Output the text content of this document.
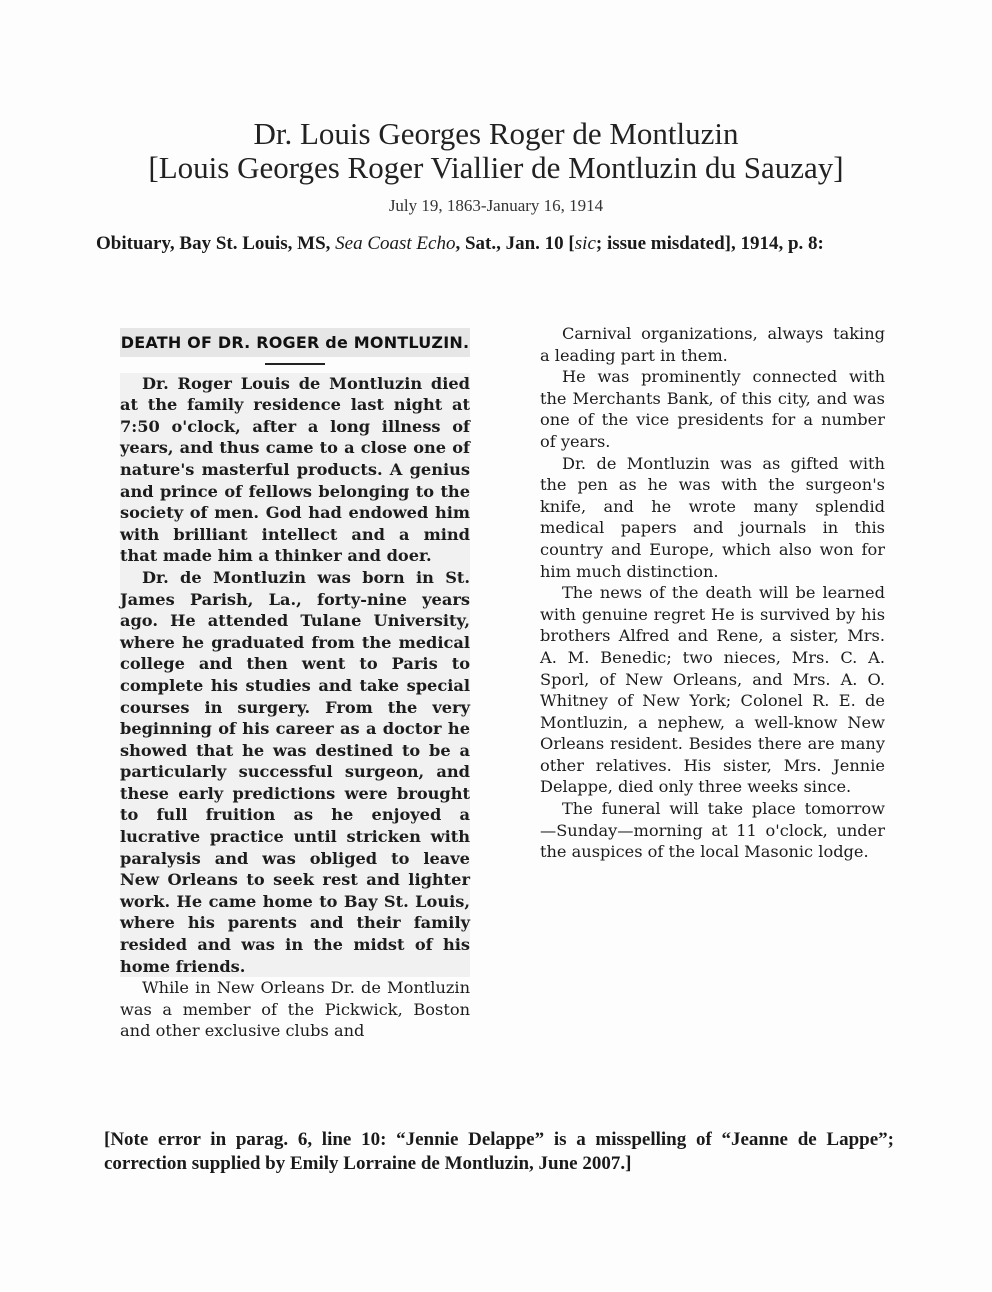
Dr. Louis Georges Roger de Montluzin
[Louis Georges Roger Viallier de Montluzin du Sauzay]
July 19, 1863-January 16, 1914
Obituary, Bay St. Louis, MS, Sea Coast Echo, Sat., Jan. 10 [sic; issue misdated], 1914, p. 8:
DEATH OF DR. ROGER de MONTLUZIN.

Dr. Roger Louis de Montluzin died at the family residence last night at 7:50 o'clock, after a long illness of years, and thus came to a close one of nature's masterful products. A genius and prince of fellows belonging to the society of men. God had endowed him with brilliant intellect and a mind that made him a thinker and doer.

Dr. de Montluzin was born in St. James Parish, La., forty-nine years ago. He attended Tulane University, where he graduated from the medical college and then went to Paris to complete his studies and take special courses in surgery. From the very beginning of his career as a doctor he showed that he was destined to be a particularly successful surgeon, and these early predictions were brought to full fruition as he enjoyed a lucrative practice until stricken with paralysis and was obliged to leave New Orleans to seek rest and lighter work. He came home to Bay St. Louis, where his parents and their family resided and was in the midst of his home friends.

While in New Orleans Dr. de Montluzin was a member of the Pickwick, Boston and other exclusive clubs and

Carnival organizations, always taking a leading part in them.

He was prominently connected with the Merchants Bank, of this city, and was one of the vice presidents for a number of years.

Dr. de Montluzin was as gifted with the pen as he was with the surgeon's knife, and he wrote many splendid medical papers and journals in this country and Europe, which also won for him much distinction.

The news of the death will be learned with genuine regret He is survived by his brothers Alfred and Rene, a sister, Mrs. A. M. Benedic; two nieces, Mrs. C. A. Sporl, of New Orleans, and Mrs. A. O. Whitney of New York; Colonel R. E. de Montluzin, a nephew, a well-know New Orleans resident. Besides there are many other relatives. His sister, Mrs. Jennie Delappe, died only three weeks since.

The funeral will take place tomorrow —Sunday—morning at 11 o'clock, under the auspices of the local Masonic lodge.

[Note error in parag. 6, line 10: “Jennie Delappe” is a misspelling of “Jeanne de Lappe”; correction supplied by Emily Lorraine de Montluzin, June 2007.]
